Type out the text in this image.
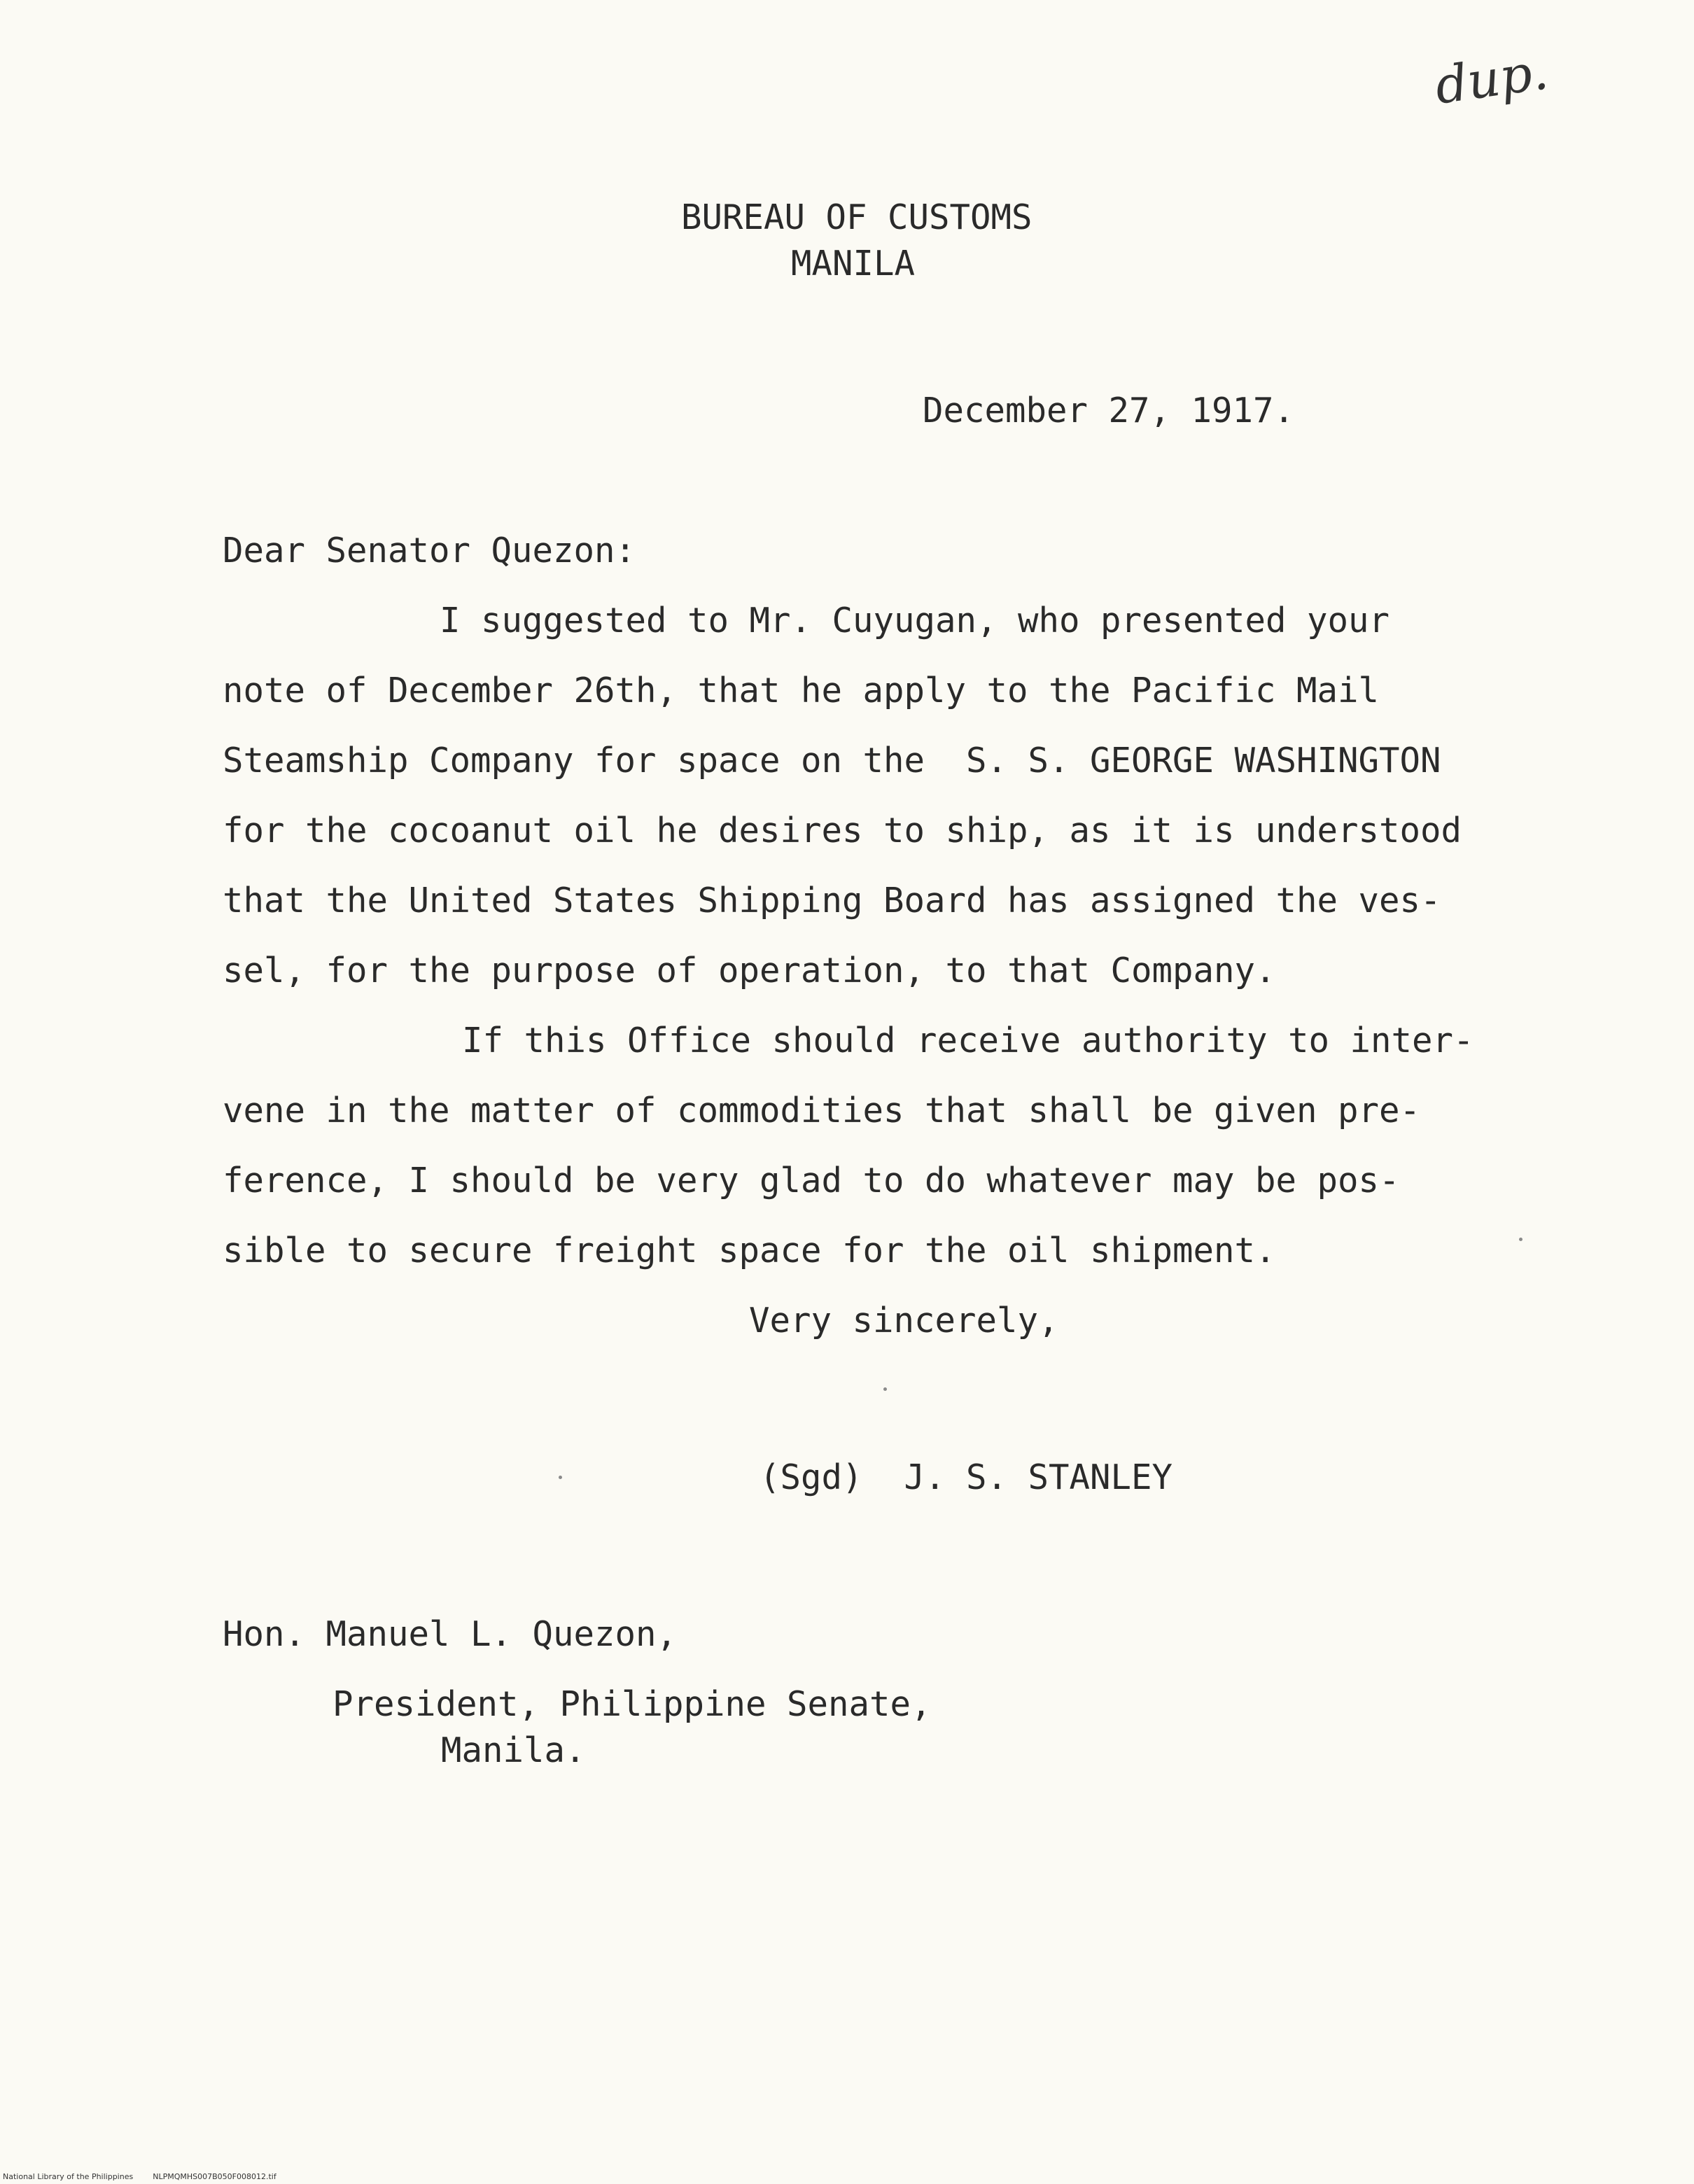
dup.
BUREAU OF CUSTOMS
MANILA
December 27, 1917.
Dear Senator Quezon:
I suggested to Mr. Cuyugan, who presented your
note of December 26th, that he apply to the Pacific Mail
Steamship Company for space on the  S. S. GEORGE WASHINGTON
for the cocoanut oil he desires to ship, as it is understood
that the United States Shipping Board has assigned the ves-
sel, for the purpose of operation, to that Company.
If this Office should receive authority to inter-
vene in the matter of commodities that shall be given pre-
ference, I should be very glad to do whatever may be pos-
sible to secure freight space for the oil shipment.
Very sincerely,
(Sgd)  J. S. STANLEY
Hon. Manuel L. Quezon,
President, Philippine Senate,
Manila.
National Library of the Philippines	NLPMQMHS007B050F008012.tif
